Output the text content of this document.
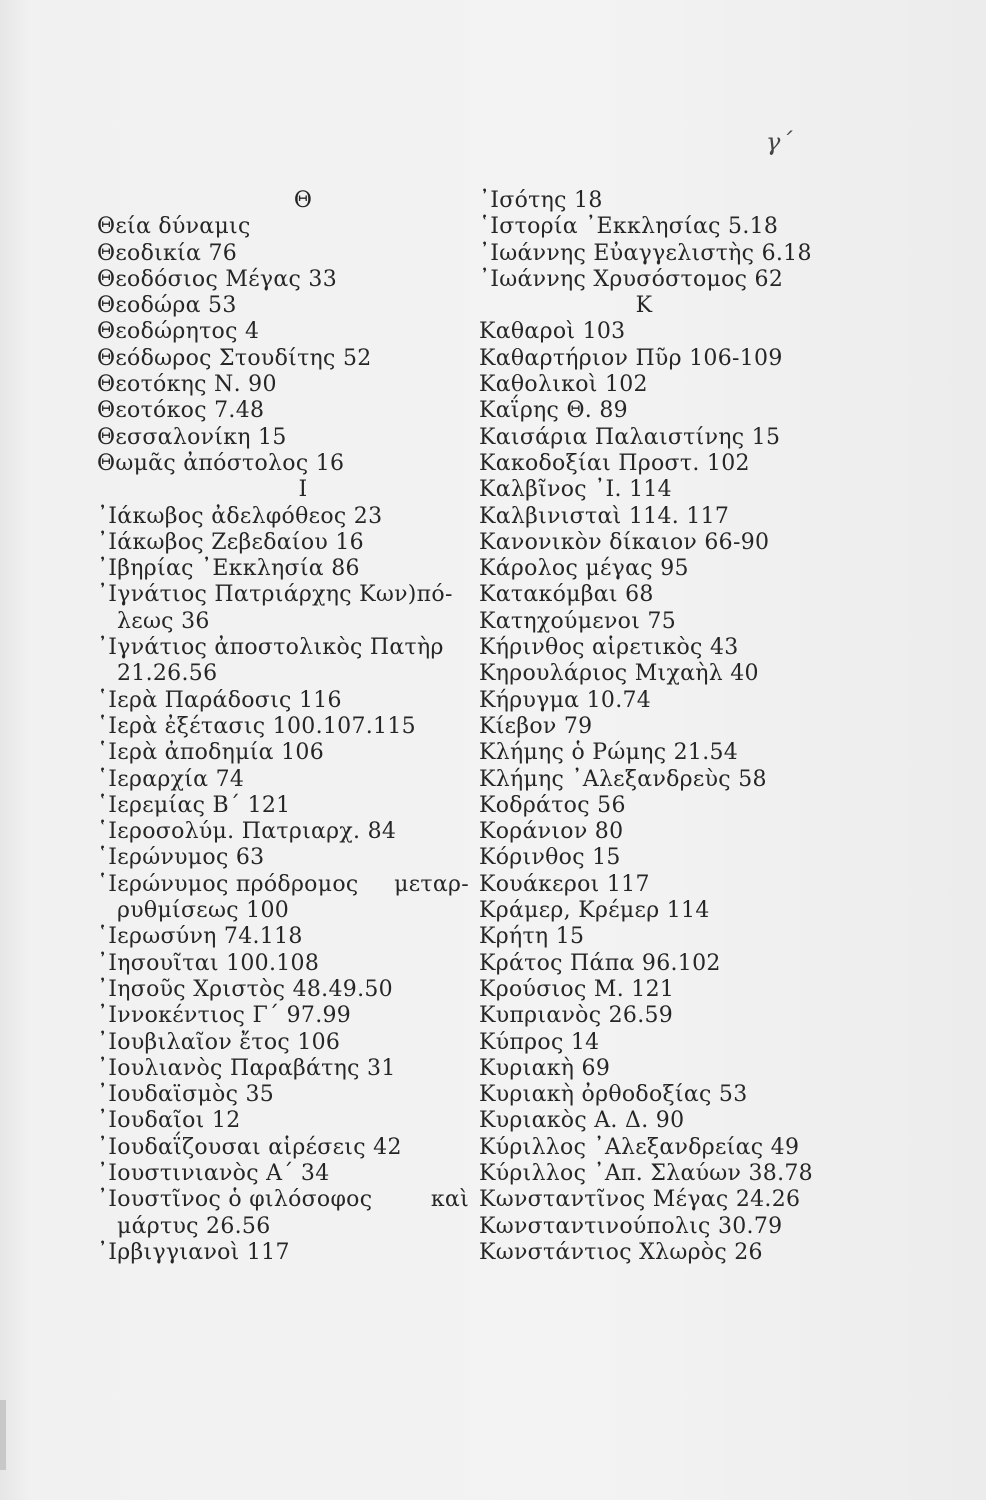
γ΄
Θ
Θεία δύναμις
Θεοδικία 76
Θεοδόσιος Μέγας 33
Θεοδώρα 53
Θεοδώρητος 4
Θεόδωρος Στουδίτης 52
Θεοτόκης Ν. 90
Θεοτόκος 7.48
Θεσσαλονίκη 15
Θωμᾶς ἀπόστολος 16
Ι
᾿Ιάκωβος ἀδελφόθεος 23
᾿Ιάκωβος Ζεβεδαίου 16
᾿Ιβηρίας ᾿Εκκλησία 86
᾿Ιγνάτιος Πατριάρχης Κων)πό-
λεως 36
᾿Ιγνάτιος ἀποστολικὸς Πατὴρ
21.26.56
῾Ιερὰ Παράδοσις 116
῾Ιερὰ ἐξέτασις 100.107.115
῾Ιερὰ ἀποδημία 106
῾Ιεραρχία 74
῾Ιερεμίας Β΄ 121
῾Ιεροσολύμ. Πατριαρχ. 84
῾Ιερώνυμος 63
῾Ιερώνυμος πρόδρομος μεταρ-
ρυθμίσεως 100
῾Ιερωσύνη 74.118
᾿Ιησουῖται 100.108
᾿Ιησοῦς Χριστὸς 48.49.50
᾿Ιννοκέντιος Γ΄ 97.99
᾿Ιουβιλαῖον ἔτος 106
᾿Ιουλιανὸς Παραβάτης 31
᾿Ιουδαϊσμὸς 35
᾿Ιουδαῖοι 12
᾿Ιουδαΐζουσαι αἱρέσεις 42
᾿Ιουστινιανὸς Α΄ 34
᾿Ιουστῖνος ὁ φιλόσοφος	καὶ
μάρτυς 26.56
᾿Ιρβιγγιανοὶ 117
᾿Ισότης 18
῾Ιστορία ᾿Εκκλησίας 5.18
᾿Ιωάννης Εὐαγγελιστὴς 6.18
᾿Ιωάννης Χρυσόστομος 62
Κ
Καθαροὶ 103
Καθαρτήριον Πῦρ 106-109
Καθολικοὶ 102
Καΐρης Θ. 89
Καισάρια Παλαιστίνης 15
Κακοδοξίαι Προστ. 102
Καλβῖνος ᾿Ι. 114
Καλβινισταὶ 114. 117
Κανονικὸν δίκαιον 66-90
Κάρολος μέγας 95
Κατακόμβαι 68
Κατηχούμενοι 75
Κήρινθος αἱρετικὸς 43
Κηρουλάριος Μιχαὴλ 40
Κήρυγμα 10.74
Κίεβον 79
Κλήμης ὁ Ρώμης 21.54
Κλήμης ᾿Αλεξανδρεὺς 58
Κοδράτος 56
Κοράνιον 80
Κόρινθος 15
Κουάκεροι 117
Κράμερ, Κρέμερ 114
Κρήτη 15
Κράτος Πάπα 96.102
Κρούσιος Μ. 121
Κυπριανὸς 26.59
Κύπρος 14
Κυριακὴ 69
Κυριακὴ ὀρθοδοξίας 53
Κυριακὸς Α. Δ. 90
Κύριλλος ᾿Αλεξανδρείας 49
Κύριλλος ᾿Απ. Σλαύων 38.78
Κωνσταντῖνος Μέγας 24.26
Κωνσταντινούπολις 30.79
Κωνστάντιος Χλωρὸς 26
